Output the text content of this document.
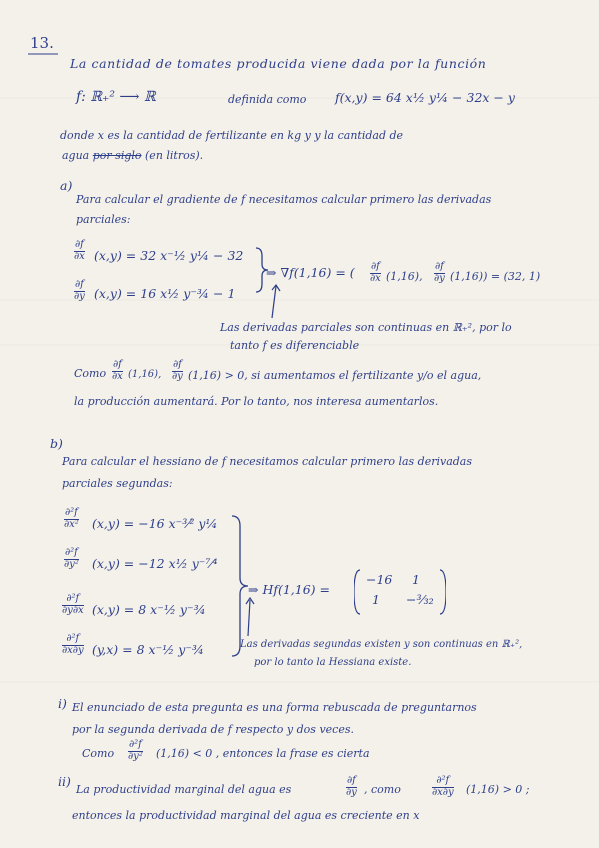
13.
La cantidad de tomates producida viene dada por la función
f: ℝ₊² ⟶ ℝ	definida como f(x,y) = 64 x½ y¼ − 32x − y
donde x es la cantidad de fertilizante en kg y y la cantidad de
agua por siglo (en litros).
a)
Para calcular el gradiente de f necesitamos calcular primero las derivadas
parciales:
∂f
∂x (x,y) = 32 x⁻½ y¼ − 32
∂f
∂y (x,y) = 16 x½ y⁻¾ − 1
⇒ ∇f(1,16) = ( ∂f
∂x (1,16),
∂f
∂y (1,16)) = (32, 1)
Las derivadas parciales son continuas en ℝ₊², por lo
tanto f es diferenciable
Como
∂f
∂x (1,16),
∂f
∂y (1,16) > 0, si aumentamos el fertilizante y/o el agua,
la producción aumentará. Por lo tanto, nos interesa aumentarlos.
b)
Para calcular el hessiano de f necesitamos calcular primero las derivadas
parciales segundas:
∂²f
∂x² (x,y) = −16 x⁻³⁄² y¼
∂²f
∂y² (x,y) = −12 x½ y⁻⁷⁄⁴
∂²f
∂y∂x (x,y) = 8 x⁻½ y⁻¾
∂²f
∂x∂y (y,x) = 8 x⁻½ y⁻¾
⇒ Hf(1,16) =
−16 1
1 −³⁄₃₂
Las derivadas segundas existen y son continuas en ℝ₊²,
por lo tanto la Hessiana existe.
i) El enunciado de esta pregunta es una forma rebuscada de preguntarnos
por la segunda derivada de f respecto y dos veces.
Como
∂²f
∂y² (1,16) < 0 , entonces la frase es cierta
ii)
La productividad marginal del agua es
∂f
∂y , como
∂²f
∂x∂y (1,16) > 0 ;
entonces la productividad marginal del agua es creciente en x
